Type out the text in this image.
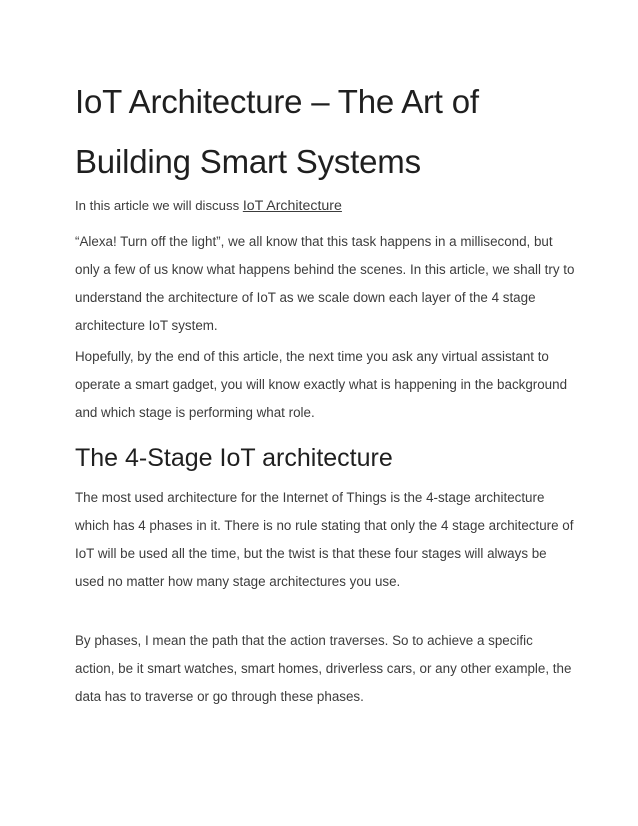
IoT Architecture – The Art of Building Smart Systems

In this article we will discuss IoT Architecture

“Alexa! Turn off the light”, we all know that this task happens in a millisecond, but only a few of us know what happens behind the scenes. In this article, we shall try to understand the architecture of IoT as we scale down each layer of the 4 stage architecture IoT system.

Hopefully, by the end of this article, the next time you ask any virtual assistant to operate a smart gadget, you will know exactly what is happening in the background and which stage is performing what role.

The 4-Stage IoT architecture

The most used architecture for the Internet of Things is the 4-stage architecture which has 4 phases in it. There is no rule stating that only the 4 stage architecture of IoT will be used all the time, but the twist is that these four stages will always be used no matter how many stage architectures you use.

By phases, I mean the path that the action traverses. So to achieve a specific action, be it smart watches, smart homes, driverless cars, or any other example, the data has to traverse or go through these phases.
